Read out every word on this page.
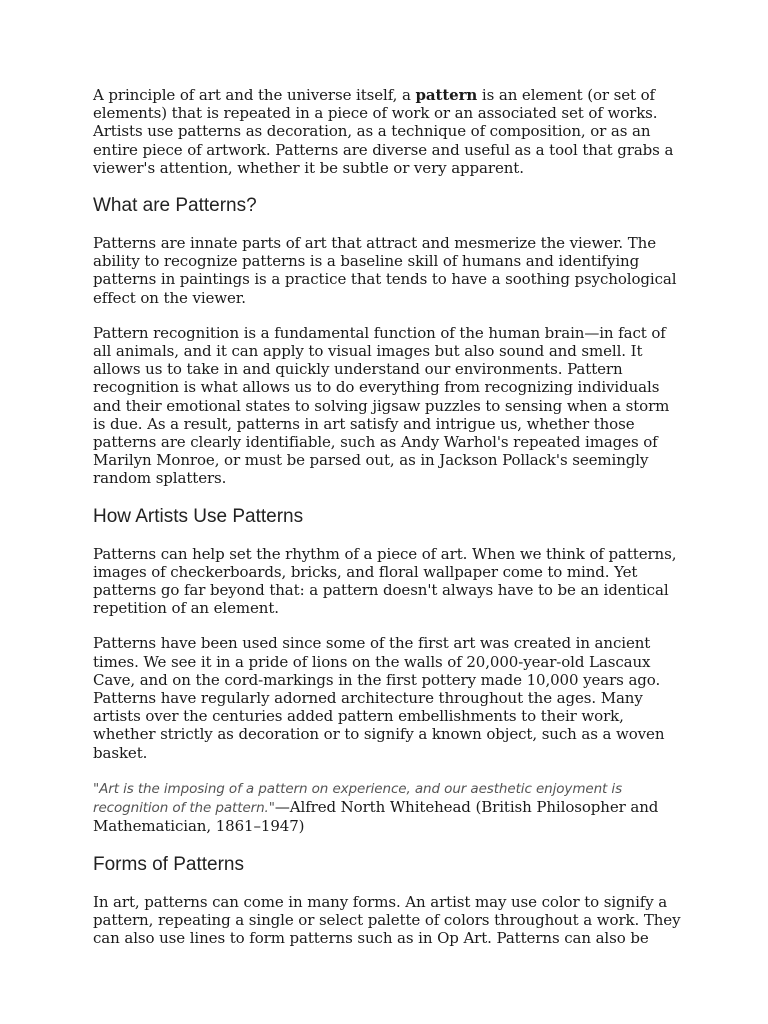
A principle of art and the universe itself, a pattern is an element (or set of elements) that is repeated in a piece of work or an associated set of works. Artists use patterns as decoration, as a technique of composition, or as an entire piece of artwork. Patterns are diverse and useful as a tool that grabs a viewer's attention, whether it be subtle or very apparent.

What are Patterns?

Patterns are innate parts of art that attract and mesmerize the viewer. The ability to recognize patterns is a baseline skill of humans and identifying patterns in paintings is a practice that tends to have a soothing psychological effect on the viewer.

Pattern recognition is a fundamental function of the human brain—in fact of all animals, and it can apply to visual images but also sound and smell. It allows us to take in and quickly understand our environments. Pattern recognition is what allows us to do everything from recognizing individuals and their emotional states to solving jigsaw puzzles to sensing when a storm is due. As a result, patterns in art satisfy and intrigue us, whether those patterns are clearly identifiable, such as Andy Warhol's repeated images of Marilyn Monroe, or must be parsed out, as in Jackson Pollack's seemingly random splatters.

How Artists Use Patterns

Patterns can help set the rhythm of a piece of art. When we think of patterns, images of checkerboards, bricks, and floral wallpaper come to mind. Yet patterns go far beyond that: a pattern doesn't always have to be an identical repetition of an element.

Patterns have been used since some of the first art was created in ancient times. We see it in a pride of lions on the walls of 20,000-year-old Lascaux Cave, and on the cord-markings in the first pottery made 10,000 years ago. Patterns have regularly adorned architecture throughout the ages. Many artists over the centuries added pattern embellishments to their work, whether strictly as decoration or to signify a known object, such as a woven basket.

"Art is the imposing of a pattern on experience, and our aesthetic enjoyment is recognition of the pattern."—Alfred North Whitehead (British Philosopher and Mathematician, 1861–1947)

Forms of Patterns

In art, patterns can come in many forms. An artist may use color to signify a pattern, repeating a single or select palette of colors throughout a work. They can also use lines to form patterns such as in Op Art. Patterns can also be
